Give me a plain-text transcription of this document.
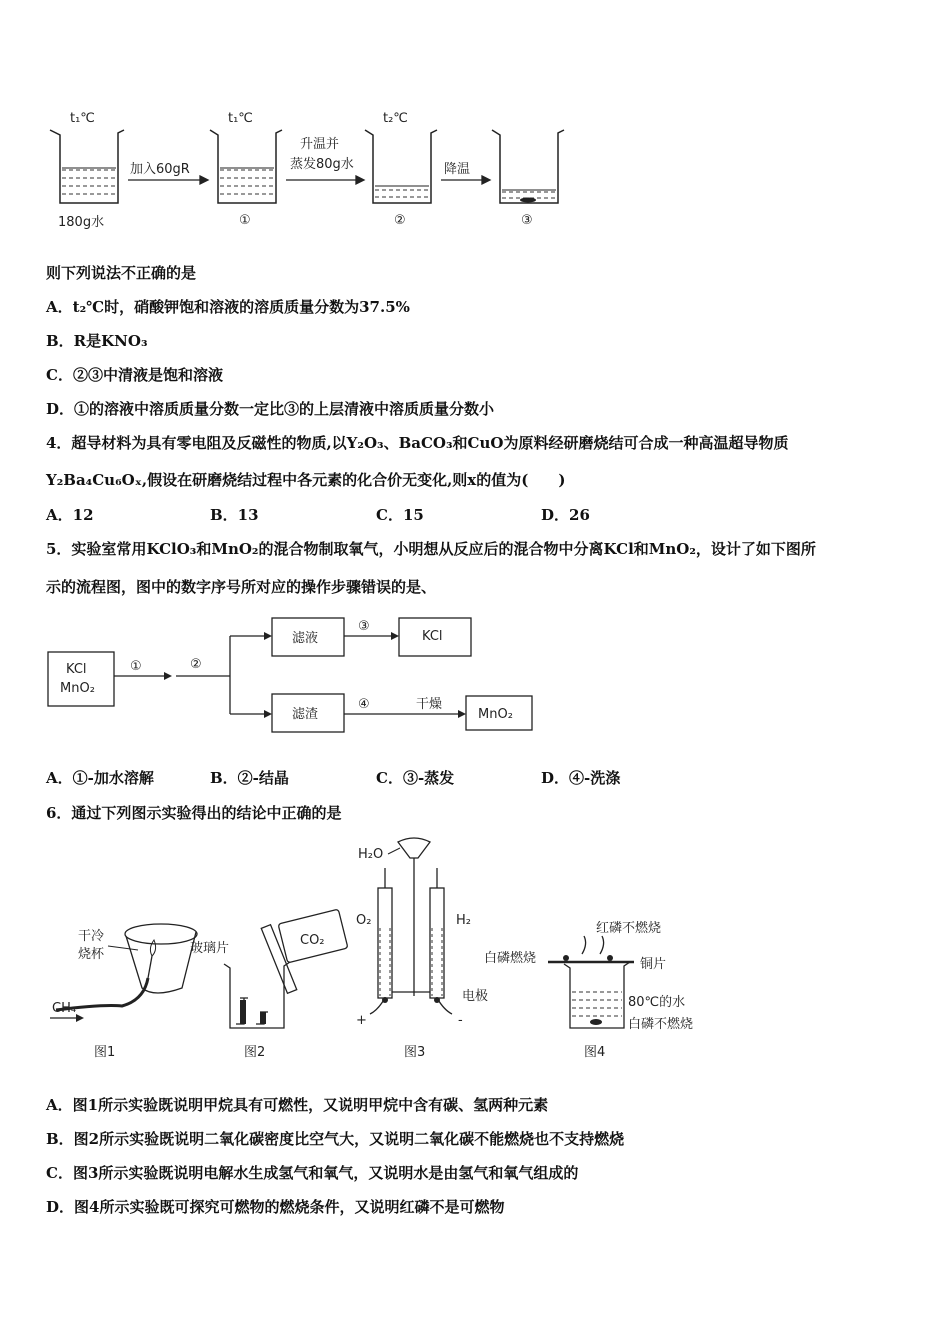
t₁℃	t₁℃	t₂℃
加入60gR
升温并
蒸发80g水	降温
180g水	①	②	③
则下列说法不正确的是
A．t₂℃时，硝酸钾饱和溶液的溶质质量分数为37.5%
B．R是KNO₃
C．②③中清液是饱和溶液
D．①的溶液中溶质质量分数一定比③的上层清液中溶质质量分数小
4．超导材料为具有零电阻及反磁性的物质,以Y₂O₃、BaCO₃和CuO为原料经研磨烧结可合成一种高温超导物质
Y₂Ba₄Cu₆Oₓ,假设在研磨烧结过程中各元素的化合价无变化,则x的值为(　　)
A．12	B．13	C．15	D．26
5．实验室常用KClO₃和MnO₂的混合物制取氧气，小明想从反应后的混合物中分离KCl和MnO₂，设计了如下图所
示的流程图，图中的数字序号所对应的操作步骤错误的是、
KCl
MnO₂
①	②
滤液
③
KCl
滤渣
④	干燥
MnO₂
A．①-加水溶解	B．②-结晶	C．③-蒸发	D．④-洗涤
6．通过下列图示实验得出的结论中正确的是
干冷
烧杯
CH₄
图1
玻璃片
CO₂
图2
H₂O
O₂	H₂
电极
+	-
图3
红磷不燃烧
白磷燃烧	铜片
80℃的水
白磷不燃烧
图4
A．图1所示实验既说明甲烷具有可燃性，又说明甲烷中含有碳、氢两种元素
B．图2所示实验既说明二氧化碳密度比空气大，又说明二氧化碳不能燃烧也不支持燃烧
C．图3所示实验既说明电解水生成氢气和氧气，又说明水是由氢气和氧气组成的
D．图4所示实验既可探究可燃物的燃烧条件，又说明红磷不是可燃物
